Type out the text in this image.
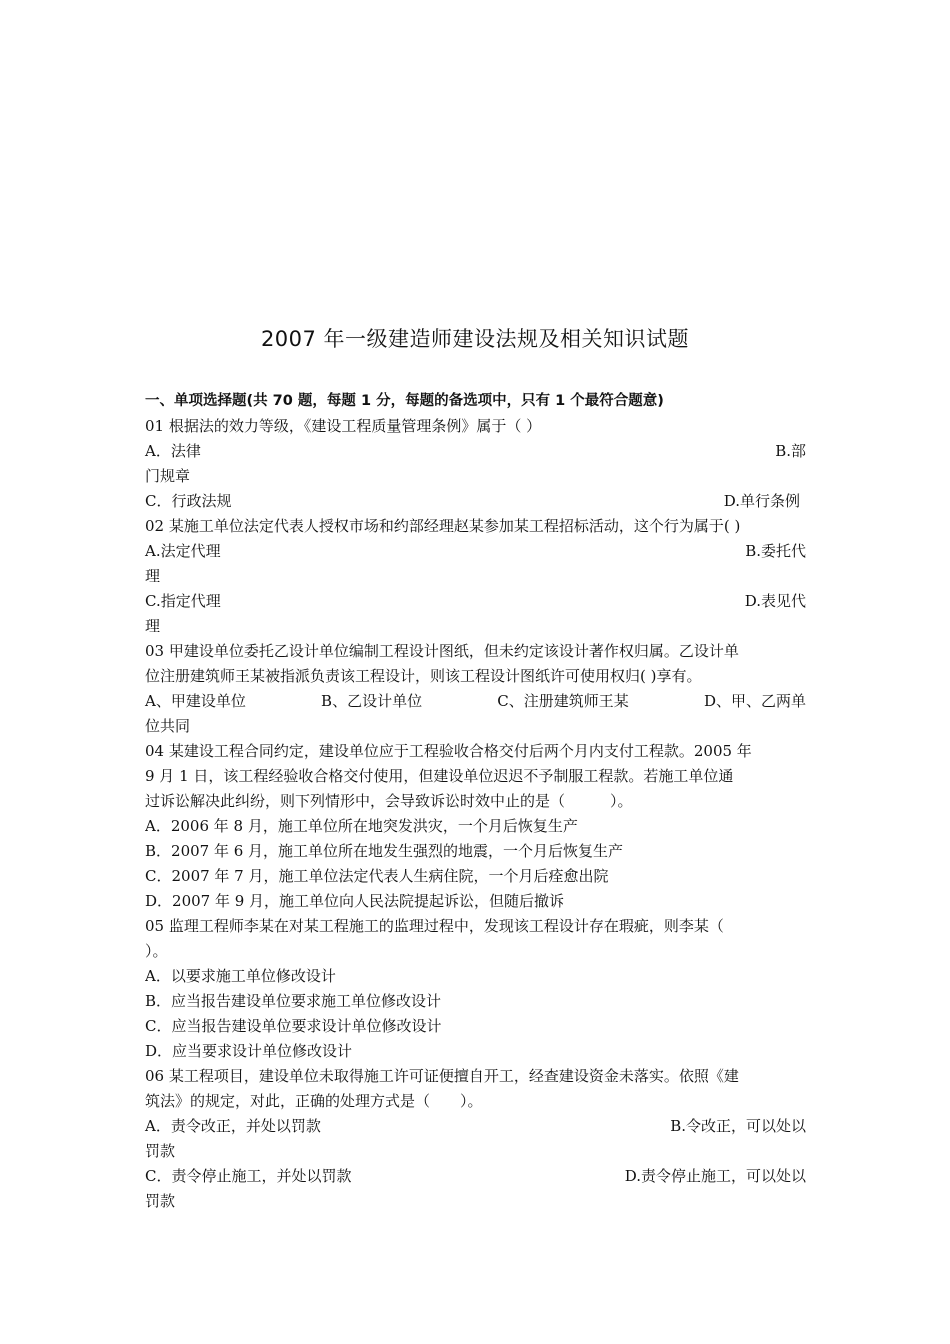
2007 年一级建造师建设法规及相关知识试题
一、单项选择题(共 70 题，每题 1 分，每题的备选项中，只有 1 个最符合题意)
01 根据法的效力等级，《建设工程质量管理条例》属于（ ）
A．法律	B.部
门规章
C．行政法规	D.单行条例
02 某施工单位法定代表人授权市场和约部经理赵某参加某工程招标活动，这个行为属于( )
A.法定代理	B.委托代
理
C.指定代理	D.表见代
理
03 甲建设单位委托乙设计单位编制工程设计图纸，但未约定该设计著作权归属。乙设计单
位注册建筑师王某被指派负责该工程设计，则该工程设计图纸许可使用权归( )享有。
A、甲建设单位	B、乙设计单位	C、注册建筑师王某	D、甲、乙两单
位共同
04 某建设工程合同约定，建设单位应于工程验收合格交付后两个月内支付工程款。2005 年
9 月 1 日，该工程经验收合格交付使用，但建设单位迟迟不予制服工程款。若施工单位通
过诉讼解决此纠纷，则下列情形中，会导致诉讼时效中止的是（　　　）。
A．2006 年 8 月，施工单位所在地突发洪灾，一个月后恢复生产
B．2007 年 6 月，施工单位所在地发生强烈的地震，一个月后恢复生产
C．2007 年 7 月，施工单位法定代表人生病住院，一个月后痊愈出院
D．2007 年 9 月，施工单位向人民法院提起诉讼，但随后撤诉
05 监理工程师李某在对某工程施工的监理过程中，发现该工程设计存在瑕疵，则李某（
）。
A．以要求施工单位修改设计
B．应当报告建设单位要求施工单位修改设计
C．应当报告建设单位要求设计单位修改设计
D．应当要求设计单位修改设计
06 某工程项目，建设单位未取得施工许可证便擅自开工，经查建设资金未落实。依照《建
筑法》的规定，对此，正确的处理方式是（　　）。
A．责令改正，并处以罚款	B.令改正，可以处以
罚款
C．责令停止施工，并处以罚款	D.责令停止施工，可以处以
罚款
